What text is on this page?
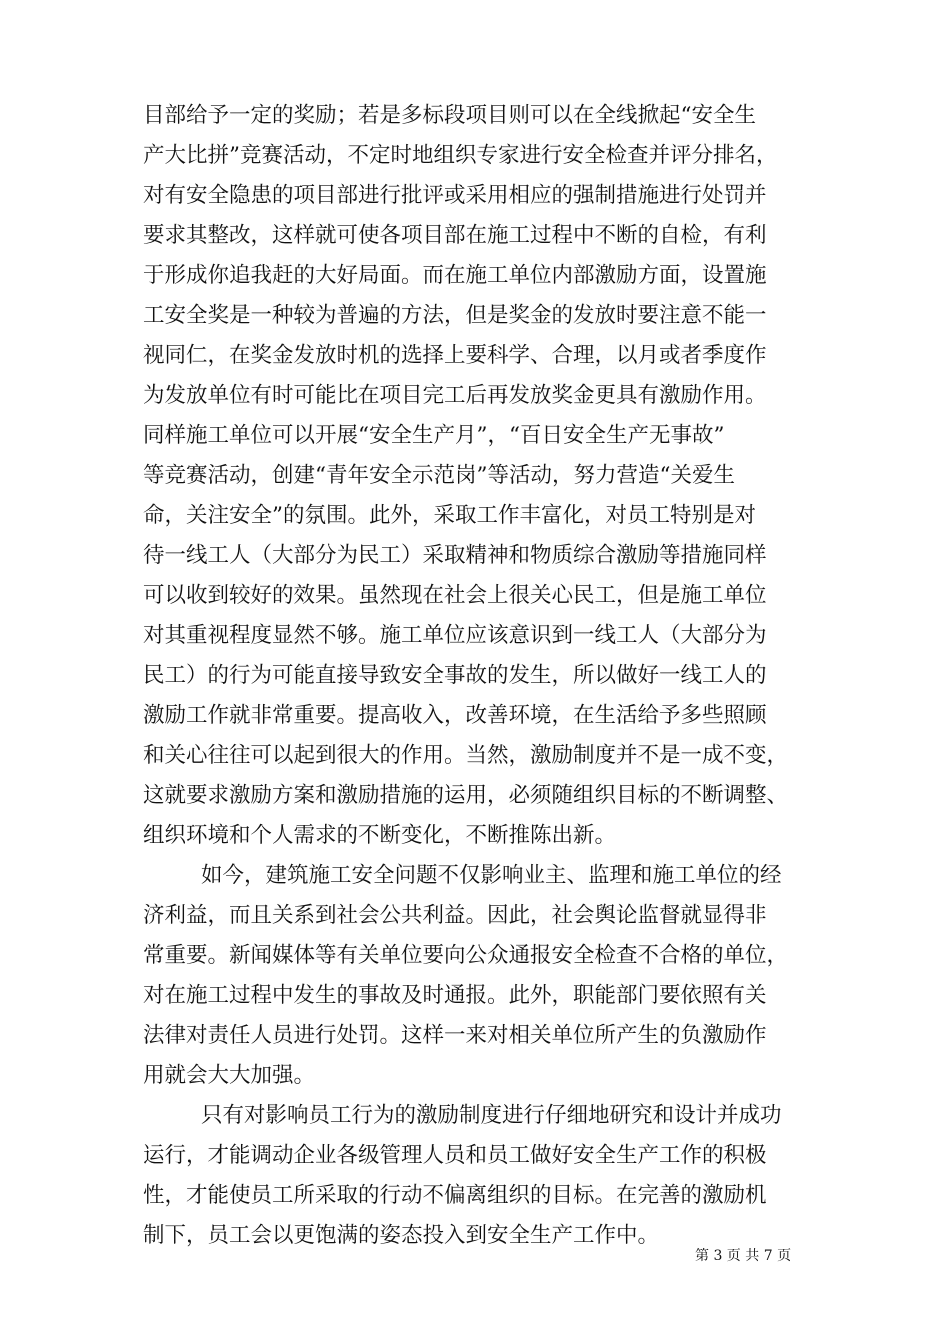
目部给予一定的奖励；若是多标段项目则可以在全线掀起“安全生
产大比拼”竞赛活动，不定时地组织专家进行安全检查并评分排名，
对有安全隐患的项目部进行批评或采用相应的强制措施进行处罚并
要求其整改，这样就可使各项目部在施工过程中不断的自检，有利
于形成你追我赶的大好局面。而在施工单位内部激励方面，设置施
工安全奖是一种较为普遍的方法，但是奖金的发放时要注意不能一
视同仁，在奖金发放时机的选择上要科学、合理，以月或者季度作
为发放单位有时可能比在项目完工后再发放奖金更具有激励作用。
同样施工单位可以开展“安全生产月”，“百日安全生产无事故”
等竞赛活动，创建“青年安全示范岗”等活动，努力营造“关爱生
命，关注安全”的氛围。此外，采取工作丰富化，对员工特别是对
待一线工人（大部分为民工）采取精神和物质综合激励等措施同样
可以收到较好的效果。虽然现在社会上很关心民工，但是施工单位
对其重视程度显然不够。施工单位应该意识到一线工人（大部分为
民工）的行为可能直接导致安全事故的发生，所以做好一线工人的
激励工作就非常重要。提高收入，改善环境，在生活给予多些照顾
和关心往往可以起到很大的作用。当然，激励制度并不是一成不变，
这就要求激励方案和激励措施的运用，必须随组织目标的不断调整、
组织环境和个人需求的不断变化，不断推陈出新。
如今，建筑施工安全问题不仅影响业主、监理和施工单位的经
济利益，而且关系到社会公共利益。因此，社会舆论监督就显得非
常重要。新闻媒体等有关单位要向公众通报安全检查不合格的单位，
对在施工过程中发生的事故及时通报。此外，职能部门要依照有关
法律对责任人员进行处罚。这样一来对相关单位所产生的负激励作
用就会大大加强。
只有对影响员工行为的激励制度进行仔细地研究和设计并成功
运行，才能调动企业各级管理人员和员工做好安全生产工作的积极
性，才能使员工所采取的行动不偏离组织的目标。在完善的激励机
制下，员工会以更饱满的姿态投入到安全生产工作中。
第 3 页 共 7 页
